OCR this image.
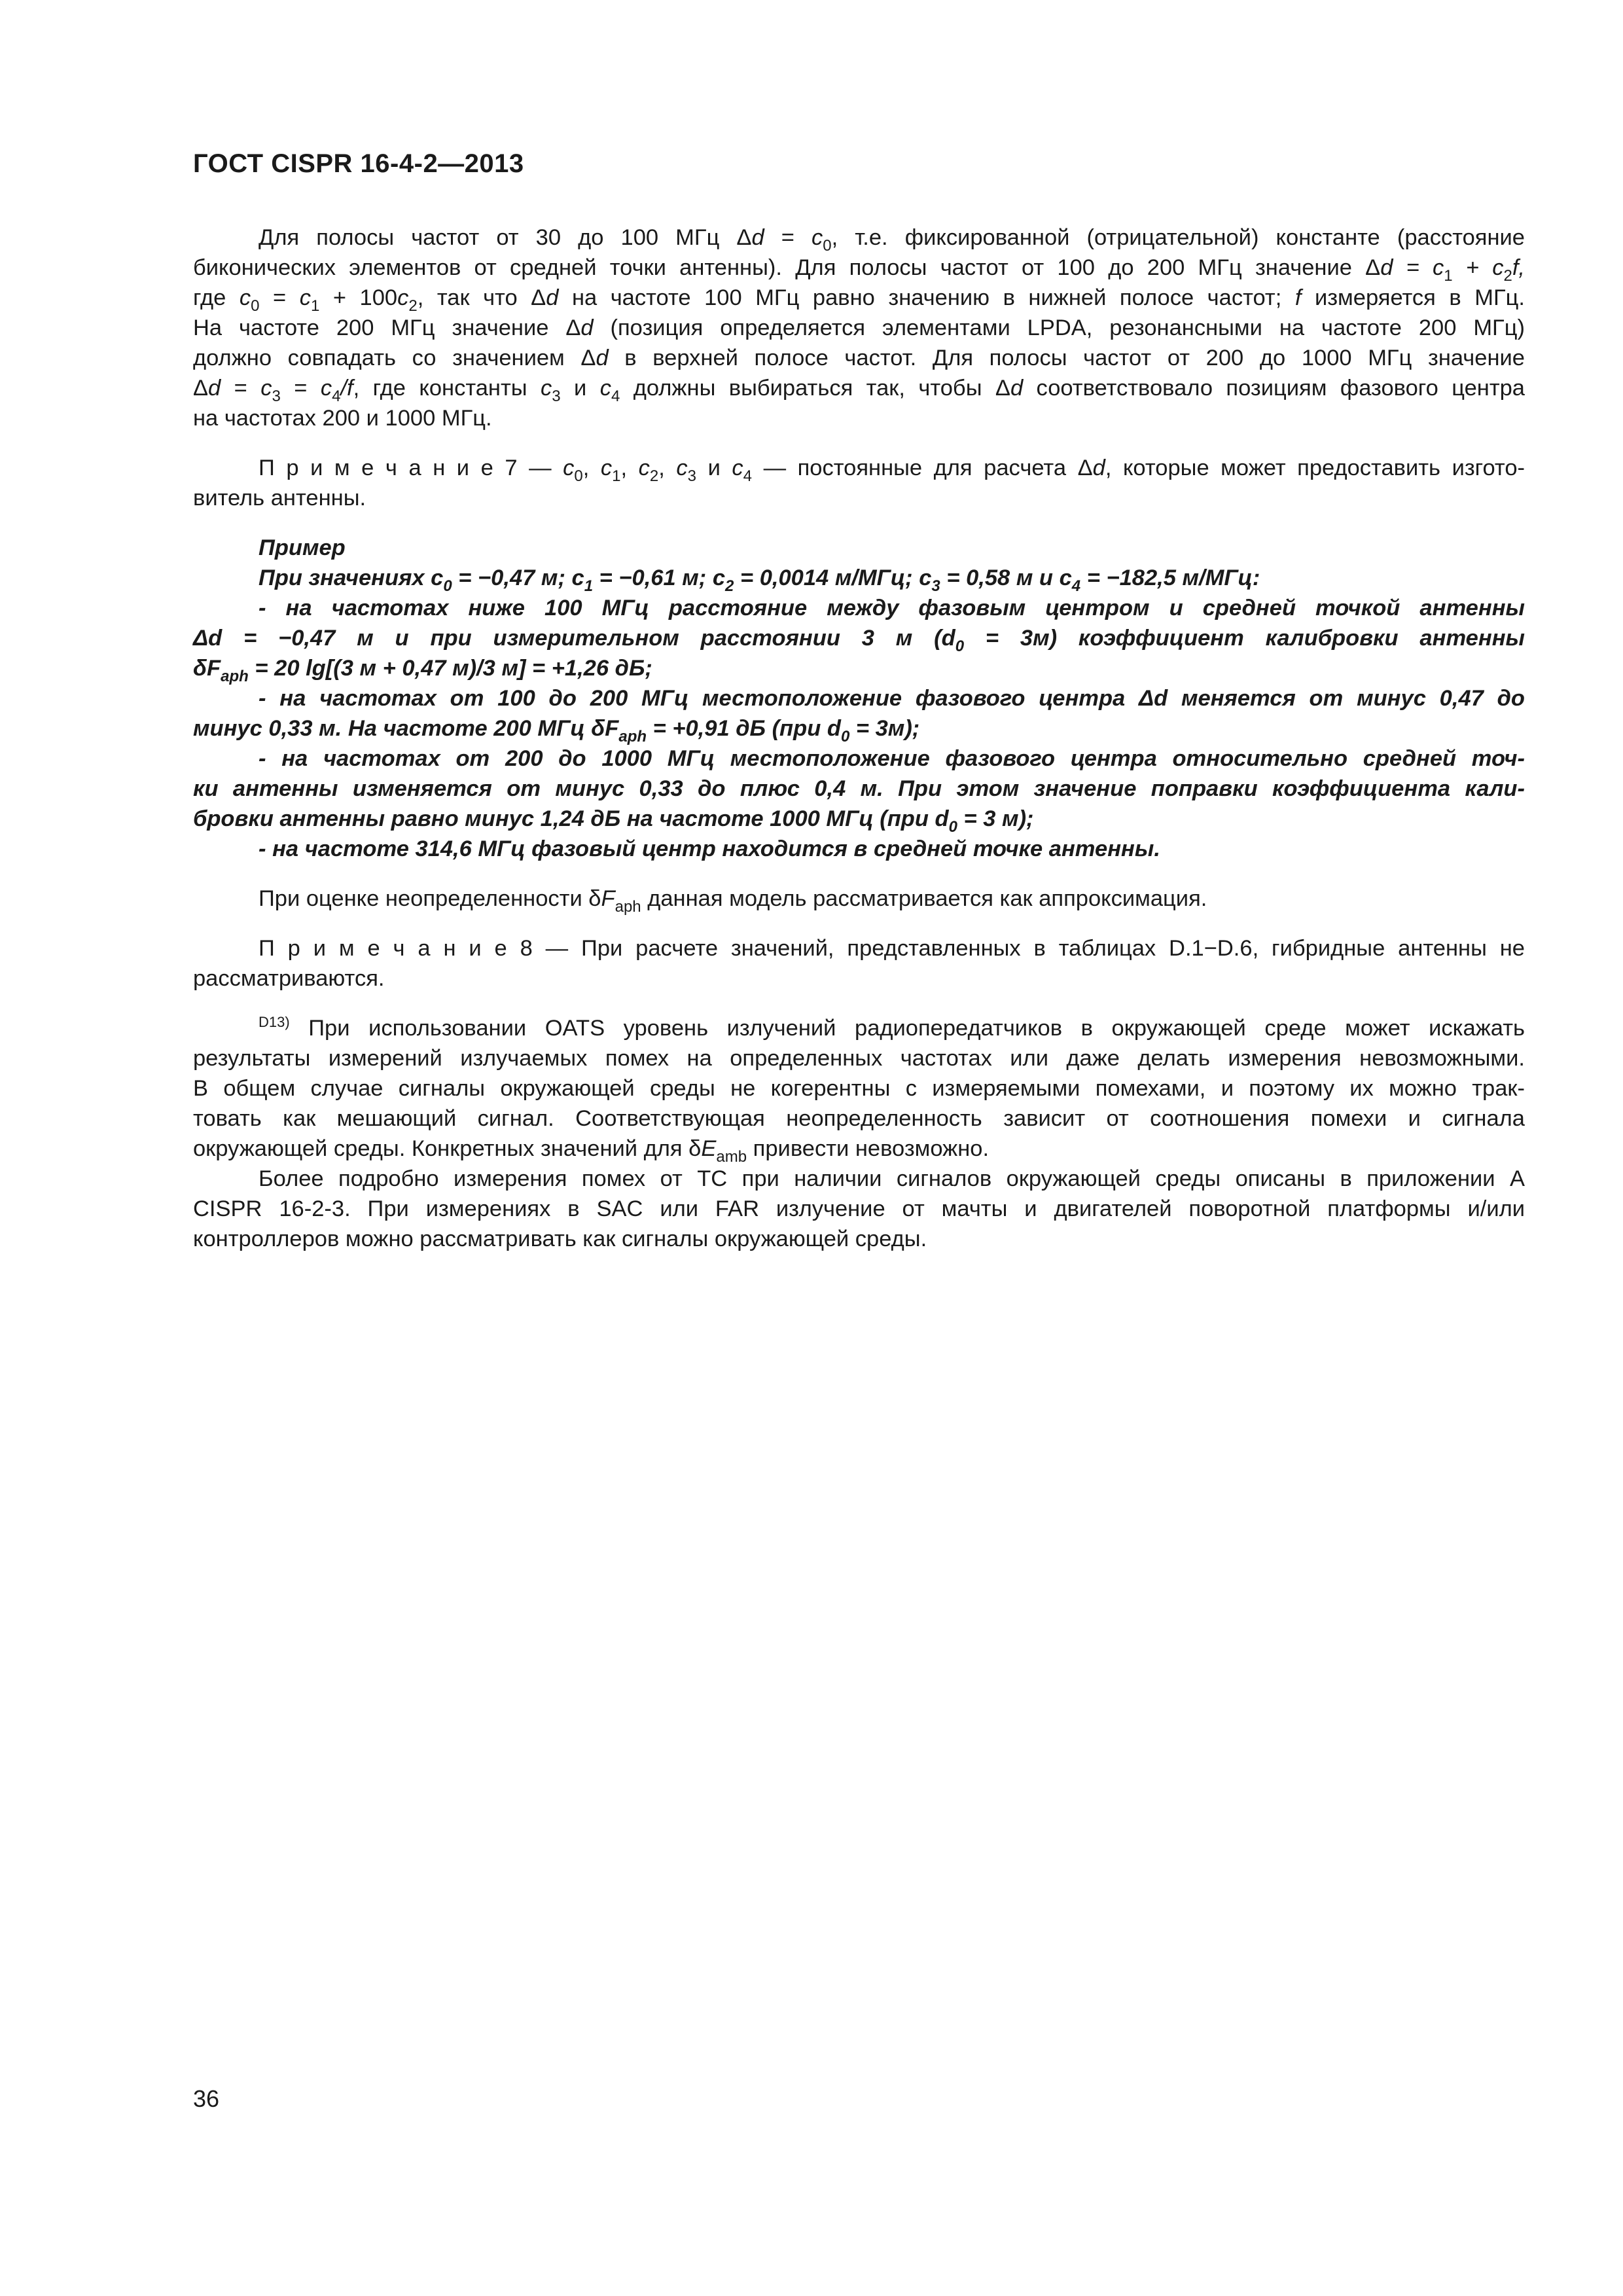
ГОСТ CISPR 16-4-2—2013
Для полосы частот от 30 до 100 МГц $\Delta d = c_0$, т.е. фиксированной (отрицательной) константе (расстояние
биконических элементов от средней точки антенны). Для полосы частот от 100 до 200 МГц значение $\Delta d = c_1 + c_2f$,
где $c_0 = c_1 + 100c_2$, так что Δd на частоте 100 МГц равно значению в нижней полосе частот; f измеряется в МГц.
На частоте 200 МГц значение Δd (позиция определяется элементами LPDA, резонансными на частоте 200 МГц)
должно совпадать со значением Δd в верхней полосе частот. Для полосы частот от 200 до 1000 МГц значение
$\Delta d = c_3 = c_4/f$, где константы $c_3$ и $c_4$ должны выбираться так, чтобы Δd соответствовало позициям фазового центра
на частотах 200 и 1000 МГц.
П р и м е ч а н и е 7 — $c_0$, $c_1$, $c_2$, $c_3$ и $c_4$ — постоянные для расчета Δd, которые может предоставить изгото-
витель антенны.
Пример
При значениях $c_0 = -0,47$ м; $c_1 = -0,61$ м; $c_2 = 0,0014$ м/МГц; $c_3 = 0,58$ м и $c_4 = -182,5$ м/МГц:
- на частотах ниже 100 МГц расстояние между фазовым центром и средней точкой антенны
Δd = −0,47 м и при измерительном расстоянии 3 м $(d_0 = 3м)$ коэффициент калибровки антенны
$\delta F_{aph} = 20$ lg[(3 м + 0,47 м)/3 м] = +1,26 дБ;
- на частотах от 100 до 200 МГц местоположение фазового центра Δd меняется от минус 0,47 до
минус 0,33 м. На частоте 200 МГц $\delta F_{aph} = +0,91$ дБ (при $d_0 = 3м$);
- на частотах от 200 до 1000 МГц местоположение фазового центра относительно средней точ-
ки антенны изменяется от минус 0,33 до плюс 0,4 м. При этом значение поправки коэффициента кали-
бровки антенны равно минус 1,24 дБ на частоте 1000 МГц (при $d_0 = 3$ м);
- на частоте 314,6 МГц фазовый центр находится в средней точке антенны.
При оценке неопределенности $\delta F_{aph}$ данная модель рассматривается как аппроксимация.
П р и м е ч а н и е 8 — При расчете значений, представленных в таблицах D.1−D.6, гибридные антенны не
рассматриваются.
$^{D13)}$ При использовании OATS уровень излучений радиопередатчиков в окружающей среде может искажать
результаты измерений излучаемых помех на определенных частотах или даже делать измерения невозможными.
В общем случае сигналы окружающей среды не когерентны с измеряемыми помехами, и поэтому их можно трак-
товать как мешающий сигнал. Соответствующая неопределенность зависит от соотношения помехи и сигнала
окружающей среды. Конкретных значений для $\delta E_{amb}$ привести невозможно.
Более подробно измерения помех от ТС при наличии сигналов окружающей среды описаны в приложении А
CISPR 16-2-3. При измерениях в SAC или FAR излучение от мачты и двигателей поворотной платформы и/или
контроллеров можно рассматривать как сигналы окружающей среды.
36
